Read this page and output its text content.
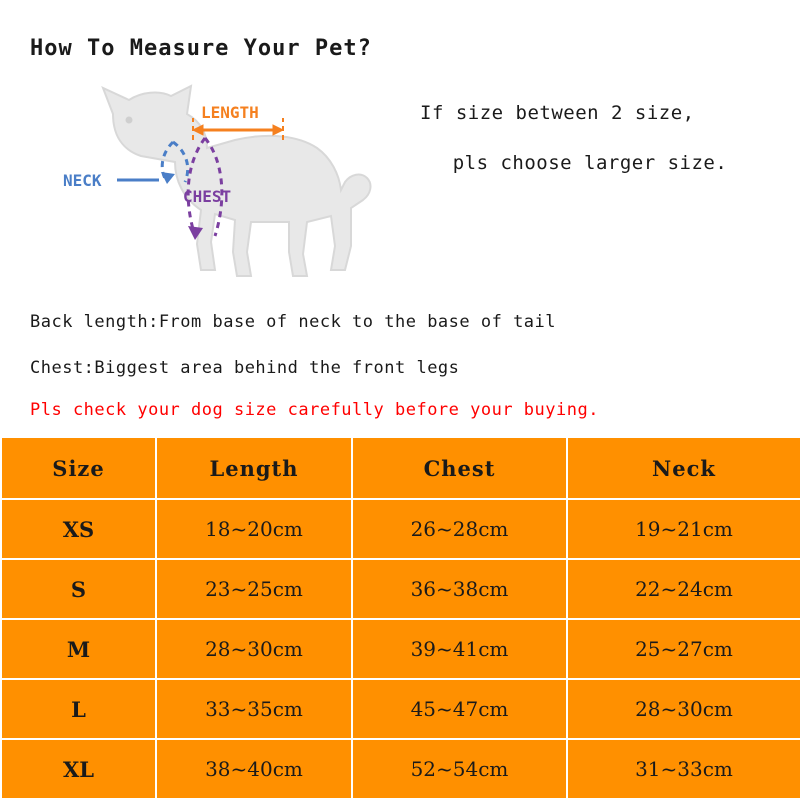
How To Measure Your Pet?
If size between 2 size,
pls choose larger size.
LENGTH
NECK
CHEST
Back length:From base of neck to the base of tail
Chest:Biggest area behind the front legs
Pls check your dog size carefully before your buying.
Size	Length	Chest	Neck
XS	18~20cm	26~28cm	19~21cm
S	23~25cm	36~38cm	22~24cm
M	28~30cm	39~41cm	25~27cm
L	33~35cm	45~47cm	28~30cm
XL	38~40cm	52~54cm	31~33cm
